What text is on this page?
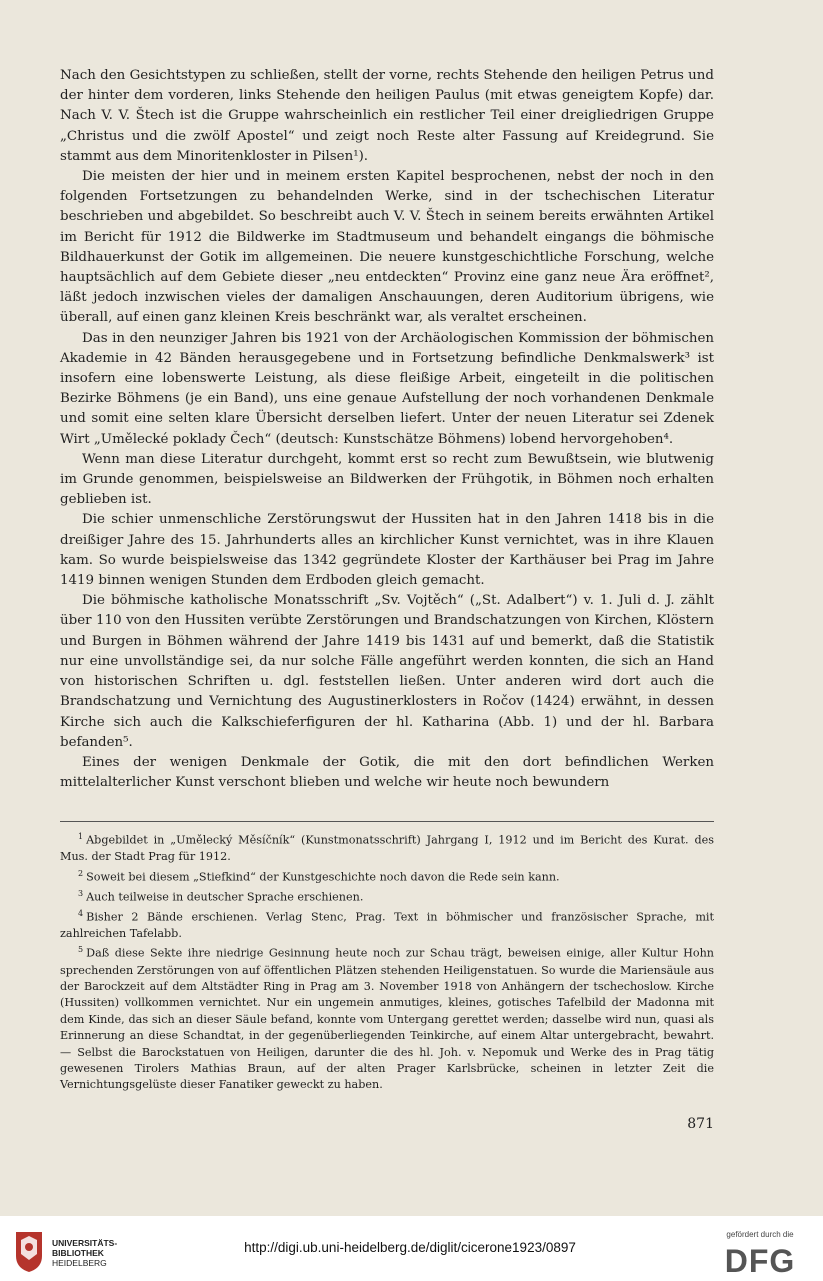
Nach den Gesichtstypen zu schließen, stellt der vorne, rechts Stehende den heiligen Petrus und der hinter dem vorderen, links Stehende den heiligen Paulus (mit etwas geneigtem Kopfe) dar. Nach V. V. Štech ist die Gruppe wahrscheinlich ein restlicher Teil einer dreigliedrigen Gruppe „Christus und die zwölf Apostel“ und zeigt noch Reste alter Fassung auf Kreidegrund. Sie stammt aus dem Minoritenkloster in Pilsen¹).

Die meisten der hier und in meinem ersten Kapitel besprochenen, nebst der noch in den folgenden Fortsetzungen zu behandelnden Werke, sind in der tschechischen Literatur beschrieben und abgebildet. So beschreibt auch V. V. Štech in seinem bereits erwähnten Artikel im Bericht für 1912 die Bildwerke im Stadtmuseum und behandelt eingangs die böhmische Bildhauerkunst der Gotik im allgemeinen. Die neuere kunstgeschichtliche Forschung, welche hauptsächlich auf dem Gebiete dieser „neu entdeckten“ Provinz eine ganz neue Ära eröffnet², läßt jedoch inzwischen vieles der damaligen Anschauungen, deren Auditorium übrigens, wie überall, auf einen ganz kleinen Kreis beschränkt war, als veraltet erscheinen.

Das in den neunziger Jahren bis 1921 von der Archäologischen Kommission der böhmischen Akademie in 42 Bänden herausgegebene und in Fortsetzung befindliche Denkmalswerk³ ist insofern eine lobenswerte Leistung, als diese fleißige Arbeit, eingeteilt in die politischen Bezirke Böhmens (je ein Band), uns eine genaue Aufstellung der noch vorhandenen Denkmale und somit eine selten klare Übersicht derselben liefert. Unter der neuen Literatur sei Zdenek Wirt „Umělecké poklady Čech“ (deutsch: Kunstschätze Böhmens) lobend hervorgehoben⁴.

Wenn man diese Literatur durchgeht, kommt erst so recht zum Bewußtsein, wie blutwenig im Grunde genommen, beispielsweise an Bildwerken der Frühgotik, in Böhmen noch erhalten geblieben ist.

Die schier unmenschliche Zerstörungswut der Hussiten hat in den Jahren 1418 bis in die dreißiger Jahre des 15. Jahrhunderts alles an kirchlicher Kunst vernichtet, was in ihre Klauen kam. So wurde beispielsweise das 1342 gegründete Kloster der Karthäuser bei Prag im Jahre 1419 binnen wenigen Stunden dem Erdboden gleich gemacht.

Die böhmische katholische Monatsschrift „Sv. Vojtěch“ („St. Adalbert“) v. 1. Juli d. J. zählt über 110 von den Hussiten verübte Zerstörungen und Brandschatzungen von Kirchen, Klöstern und Burgen in Böhmen während der Jahre 1419 bis 1431 auf und bemerkt, daß die Statistik nur eine unvollständige sei, da nur solche Fälle angeführt werden konnten, die sich an Hand von historischen Schriften u. dgl. feststellen ließen. Unter anderen wird dort auch die Brandschatzung und Vernichtung des Augustinerklosters in Ročov (1424) erwähnt, in dessen Kirche sich auch die Kalkschieferfiguren der hl. Katharina (Abb. 1) und der hl. Barbara befanden⁵.

Eines der wenigen Denkmale der Gotik, die mit den dort befindlichen Werken mittelalterlicher Kunst verschont blieben und welche wir heute noch bewundern

$^1$ Abgebildet in „Umělecký Měsíčník“ (Kunstmonatsschrift) Jahrgang I, 1912 und im Bericht des Kurat. des Mus. der Stadt Prag für 1912.

$^2$ Soweit bei diesem „Stiefkind“ der Kunstgeschichte noch davon die Rede sein kann.

$^3$ Auch teilweise in deutscher Sprache erschienen.

$^4$ Bisher 2 Bände erschienen. Verlag Stenc, Prag. Text in böhmischer und französischer Sprache, mit zahlreichen Tafelabb.

$^5$ Daß diese Sekte ihre niedrige Gesinnung heute noch zur Schau trägt, beweisen einige, aller Kultur Hohn sprechenden Zerstörungen von auf öffentlichen Plätzen stehenden Heiligenstatuen. So wurde die Mariensäule aus der Barockzeit auf dem Altstädter Ring in Prag am 3. November 1918 von Anhängern der tschechoslow. Kirche (Hussiten) vollkommen vernichtet. Nur ein ungemein anmutiges, kleines, gotisches Tafelbild der Madonna mit dem Kinde, das sich an dieser Säule befand, konnte vom Untergang gerettet werden; dasselbe wird nun, quasi als Erinnerung an diese Schandtat, in der gegenüberliegenden Teinkirche, auf einem Altar untergebracht, bewahrt. — Selbst die Barockstatuen von Heiligen, darunter die des hl. Joh. v. Nepomuk und Werke des in Prag tätig gewesenen Tirolers Mathias Braun, auf der alten Prager Karlsbrücke, scheinen in letzter Zeit die Vernichtungsgelüste dieser Fanatiker geweckt zu haben.

871
UNIVERSITÄTS-
BIBLIOTHEK
HEIDELBERG
http://digi.ub.uni-heidelberg.de/diglit/cicerone1923/0897
gefördert durch die
DFG
